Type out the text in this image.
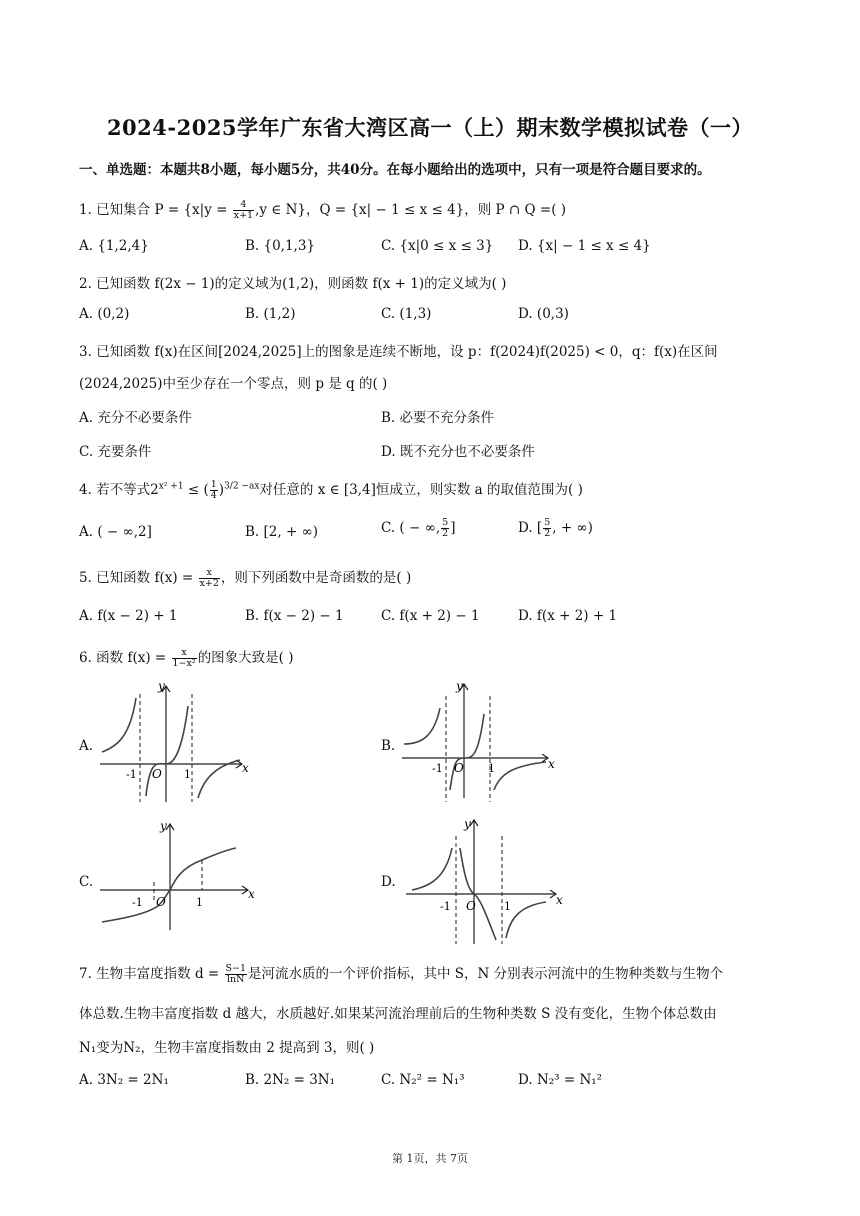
2024-2025学年广东省大湾区高一（上）期末数学模拟试卷（一）
一、单选题：本题共8小题，每小题5分，共40分。在每小题给出的选项中，只有一项是符合题目要求的。
1. 已知集合 $P = \{x|y = \frac{4}{x+1} ,y$ ∈ N}，Q = {x| − 1 ≤ x ≤ 4}，则 P ∩ Q =( )
A. {1,2,4}	B. {0,1,3}	C. {x|0 ≤ x ≤ 3} D. {x| − 1 ≤ x ≤ 4}
2. 已知函数 f(2x − 1)的定义域为(1,2)，则函数 f(x + 1)的定义域为( )
A. (0,2)	B. (1,2)	C. (1,3)	D. (0,3)
3. 已知函数 f(x)在区间[2024,2025]上的图象是连续不断地，设 p：f(2024)f(2025) < 0，q：f(x)在区间
(2024,2025)中至少存在一个零点，则 p 是 q 的( )
A. 充分不必要条件	B. 必要不充分条件
C. 充要条件	D. 既不充分也不必要条件
4. 若不等式$2^{x^2 +1}$ ≤ ( $\frac{1}{4} )^{3/2 -ax}$对任意的 x ∈ [3,4]恒成立，则实数 a 的取值范围为( )
A. ( − ∞,2]	B. [2, + ∞)	C. ( − ∞, $\frac{5}{2}$ ]	D. [ $\frac{5}{2}$ , + ∞)
5. 已知函数 $f(x) = \frac{x}{x+2}$ ，则下列函数中是奇函数的是( )
A. f(x − 2) + 1	B. f(x − 2) − 1	C. f(x + 2) − 1	D. f(x + 2) + 1
6. 函数 $f(x) = \frac{x}{\text{1−x²}}$ 的图象大致是( )
A.	B.
C.	D.
y
x
O
-1	1
y
x
O
-1	1
y
x
O
-1	1
y
x
O
-1	1
7. 生物丰富度指数 $d = \frac{S-1}{\ln N}$ 是河流水质的一个评价指标，其中 S，N 分别表示河流中的生物种类数与生物个
体总数.生物丰富度指数 d 越大，水质越好.如果某河流治理前后的生物种类数 S 没有变化，生物个体总数由
N₁变为N₂，生物丰富度指数由 2 提高到 3，则( )
A. 3N₂ = 2N₁	B. 2N₂ = 3N₁	C. N₂² = N₁³	D. N₂³ = N₁²
第 1页，共 7页
